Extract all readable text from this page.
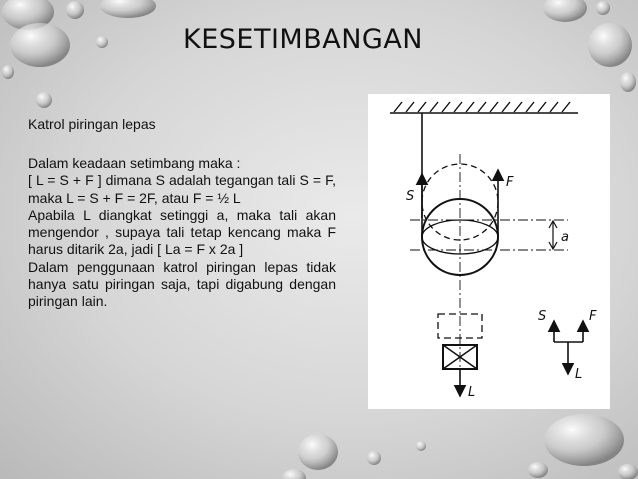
KESETIMBANGAN
Katrol piringan lepas

Dalam keadaan setimbang maka :

[ L = S + F ] dimana S adalah tegangan tali S = F, maka L = S + F = 2F, atau F = ½ L

Apabila L diangkat setinggi a, maka tali akan mengendor , supaya tali tetap kencang maka F harus ditarik 2a, jadi [ La = F x 2a ]

Dalam penggunaan katrol piringan lepas tidak hanya satu piringan saja, tapi digabung dengan piringan lain.

S
F
a
L
S	F
L
